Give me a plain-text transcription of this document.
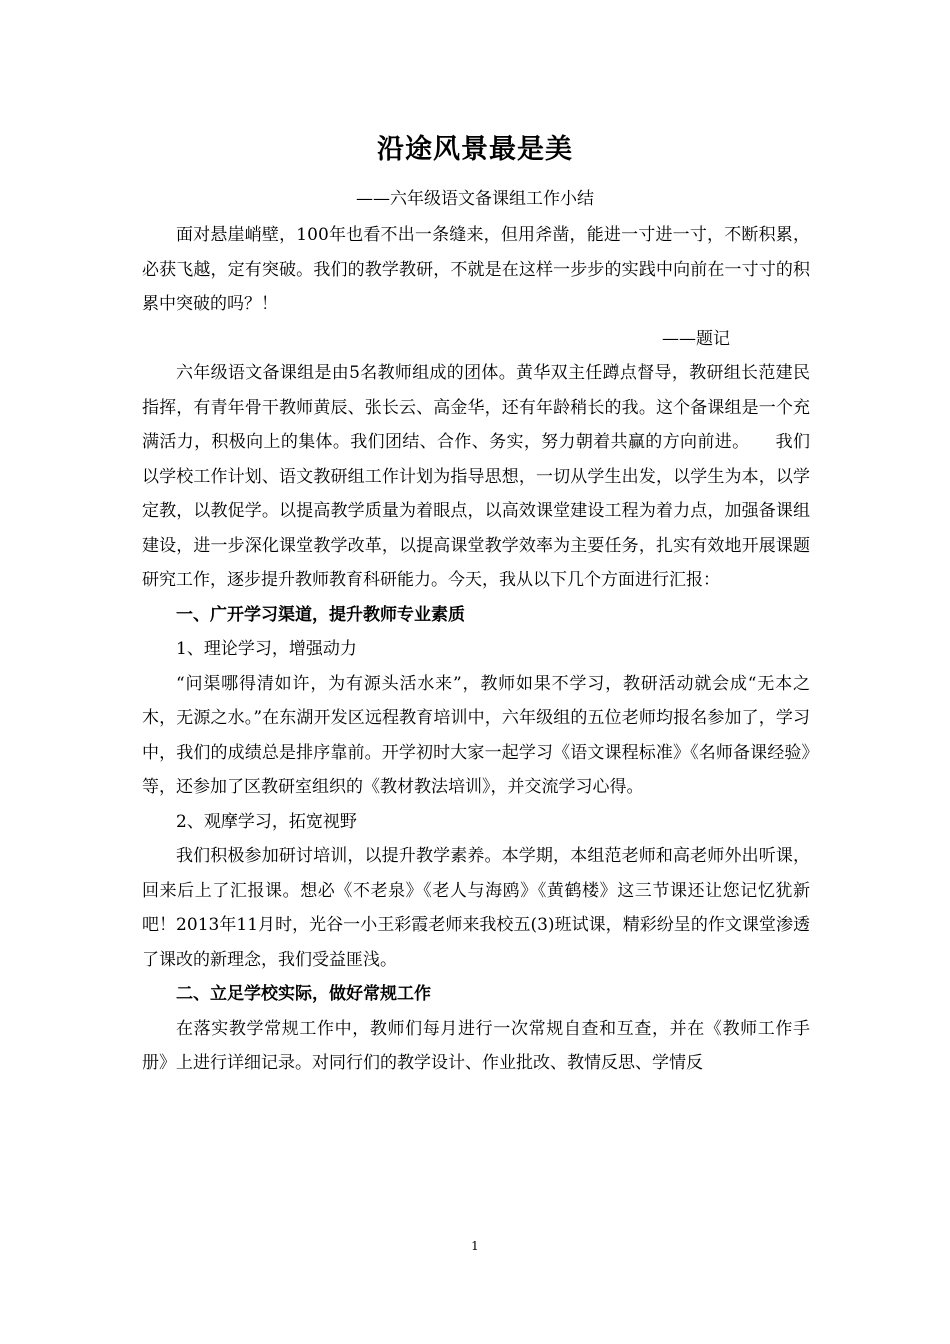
沿途风景最是美
——六年级语文备课组工作小结

面对悬崖峭壁，100年也看不出一条缝来，但用斧凿，能进一寸进一寸，不断积累，必获飞越，定有突破。我们的教学教研，不就是在这样一步步的实践中向前在一寸寸的积累中突破的吗？！

——题记

六年级语文备课组是由5名教师组成的团体。黄华双主任蹲点督导，教研组长范建民指挥，有青年骨干教师黄辰、张长云、高金华，还有年龄稍长的我。这个备课组是一个充满活力，积极向上的集体。我们团结、合作、务实，努力朝着共赢的方向前进。　　我们以学校工作计划、语文教研组工作计划为指导思想，一切从学生出发，以学生为本，以学定教，以教促学。以提高教学质量为着眼点，以高效课堂建设工程为着力点，加强备课组建设，进一步深化课堂教学改革，以提高课堂教学效率为主要任务，扎实有效地开展课题研究工作，逐步提升教师教育科研能力。今天，我从以下几个方面进行汇报：

一、广开学习渠道，提升教师专业素质

1、理论学习，增强动力

“问渠哪得清如许，为有源头活水来”，教师如果不学习，教研活动就会成“无本之木，无源之水。”在东湖开发区远程教育培训中，六年级组的五位老师均报名参加了，学习中，我们的成绩总是排序靠前。开学初时大家一起学习《语文课程标准》《名师备课经验》等，还参加了区教研室组织的《教材教法培训》，并交流学习心得。

2、观摩学习，拓宽视野

我们积极参加研讨培训，以提升教学素养。本学期，本组范老师和高老师外出听课，回来后上了汇报课。想必《不老泉》《老人与海鸥》《黄鹤楼》这三节课还让您记忆犹新吧！2013年11月时，光谷一小王彩霞老师来我校五(3)班试课，精彩纷呈的作文课堂渗透了课改的新理念，我们受益匪浅。

二、立足学校实际，做好常规工作

在落实教学常规工作中，教师们每月进行一次常规自查和互查，并在《教师工作手册》上进行详细记录。对同行们的教学设计、作业批改、教情反思、学情反

1
